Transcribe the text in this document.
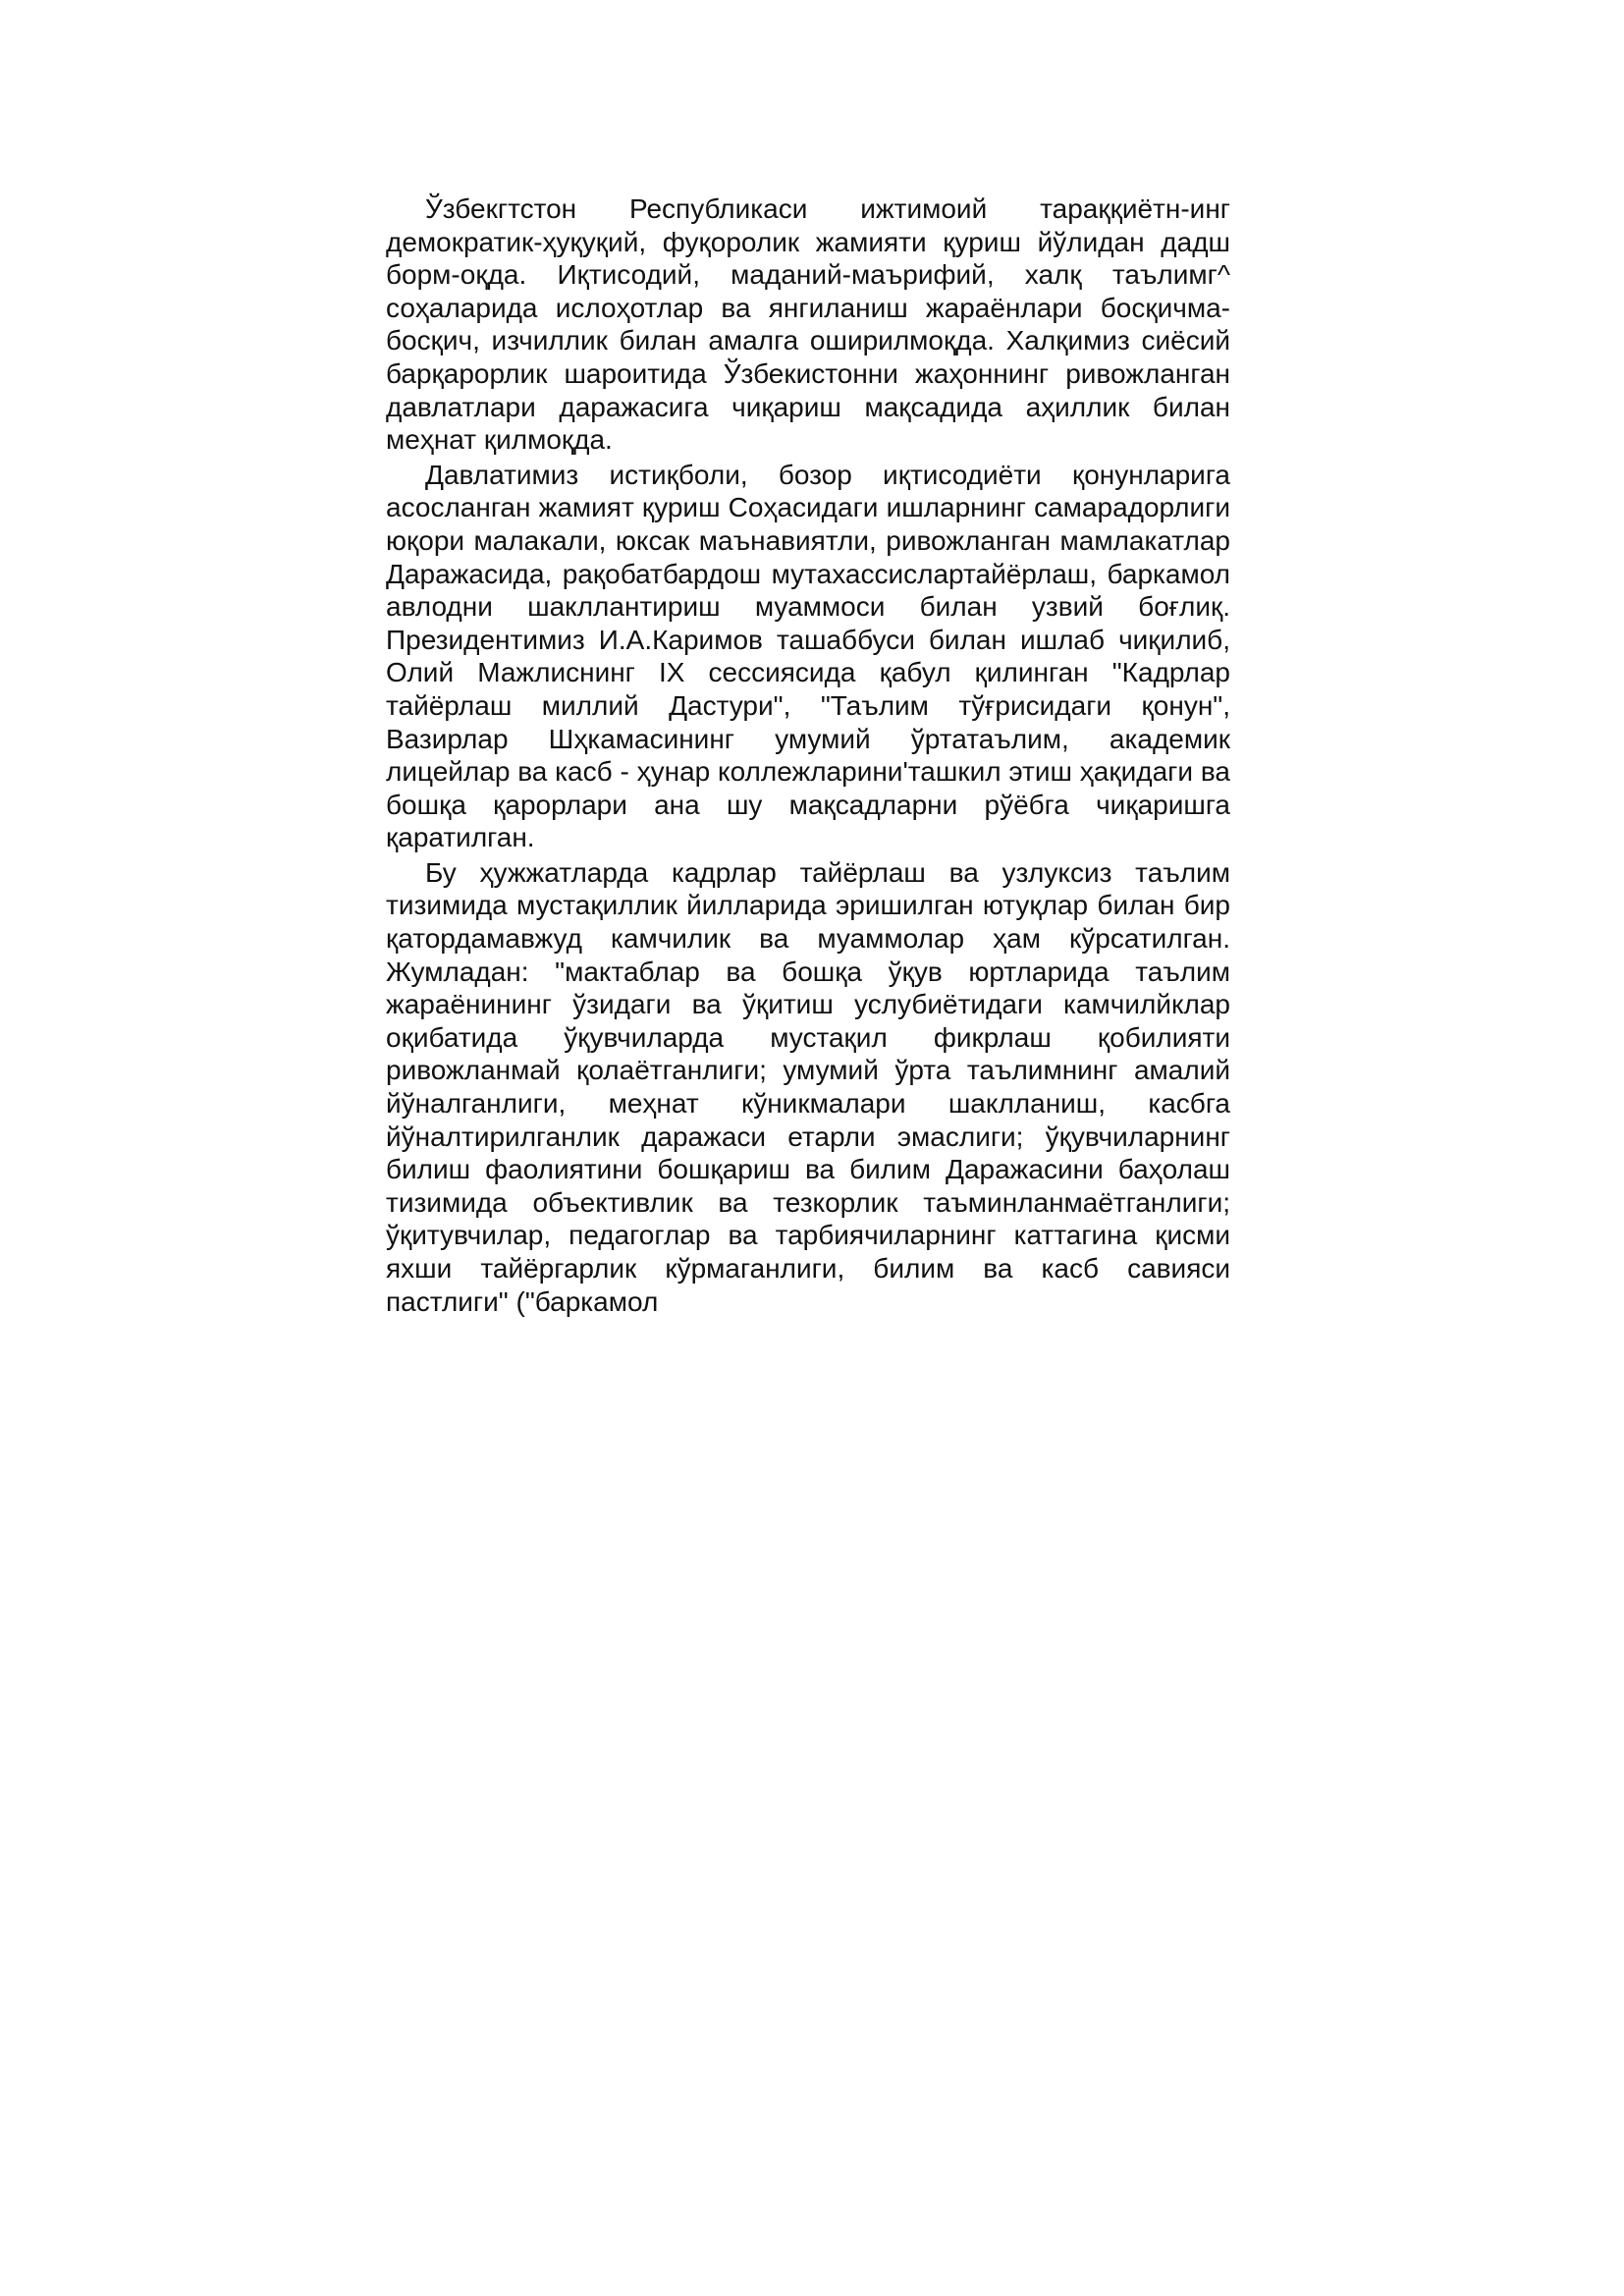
Ўзбекгтстон Республикаси ижтимоий тараққиётн-инг демократик-ҳуқуқий, фуқоролик жамияти қуриш йўлидан дадш борм-оқда. Иқтисодий, маданий-маърифий, халқ таълимг^ соҳаларида ислоҳотлар ва янгиланиш жараёнлари босқичма-босқич, изчиллик билан амалга оширилмоқда. Халқимиз сиёсий барқарорлик шароитида Ўзбекистонни жаҳоннинг ривожланган давлатлари даражасига чиқариш мақсадида аҳиллик билан меҳнат қилмоқда.

Давлатимиз истиқболи, бозор иқтисодиёти қонунларига асосланган жамият қуриш Соҳасидаги ишларнинг самарадорлиги юқори малакали, юксак маънавиятли, ривожланган мамлакатлар Даражасида, рақобатбардош мутахассислартайёрлаш, баркамол авлодни шакллантириш муаммоси билан узвий боғлиқ. Президентимиз И.А.Каримов ташаббуси билан ишлаб чиқилиб, Олий Мажлиснинг IX сессиясида қабул қилинган "Кадрлар тайёрлаш миллий Дастури", "Таълим тўғрисидаги қонун", Вазирлар Шҳкамасининг умумий ўртатаълим, академик лицейлар ва касб - ҳунар коллежларини'ташкил этиш ҳақидаги ва бошқа қарорлари ана шу мақсадларни рўёбга чиқаришга қаратилган.

Бу ҳужжатларда кадрлар тайёрлаш ва узлуксиз таълим тизимида мустақиллик йилларида эришилган ютуқлар билан бир қатордамавжуд камчилик ва муаммолар ҳам кўрсатилган. Жумладан: "мактаблар ва бошқа ўқув юртларида таълим жараёнининг ўзидаги ва ўқитиш услубиётидаги камчилйклар оқибатида ўқувчиларда мустақил фикрлаш қобилияти ривожланмай қолаётганлиги; умумий ўрта таълимнинг амалий йўналганлиги, меҳнат кўникмалари шаклланиш, касбга йўналтирилганлик даражаси етарли эмаслиги; ўқувчиларнинг билиш фаолиятини бошқариш ва билим Даражасини баҳолаш тизимида объективлик ва тезкорлик таъминланмаётганлиги; ўқитувчилар, педагоглар ва тарбиячиларнинг каттагина қисми яхши тайёргарлик кўрмаганлиги, билим ва касб савияси пастлиги" ("баркамол
